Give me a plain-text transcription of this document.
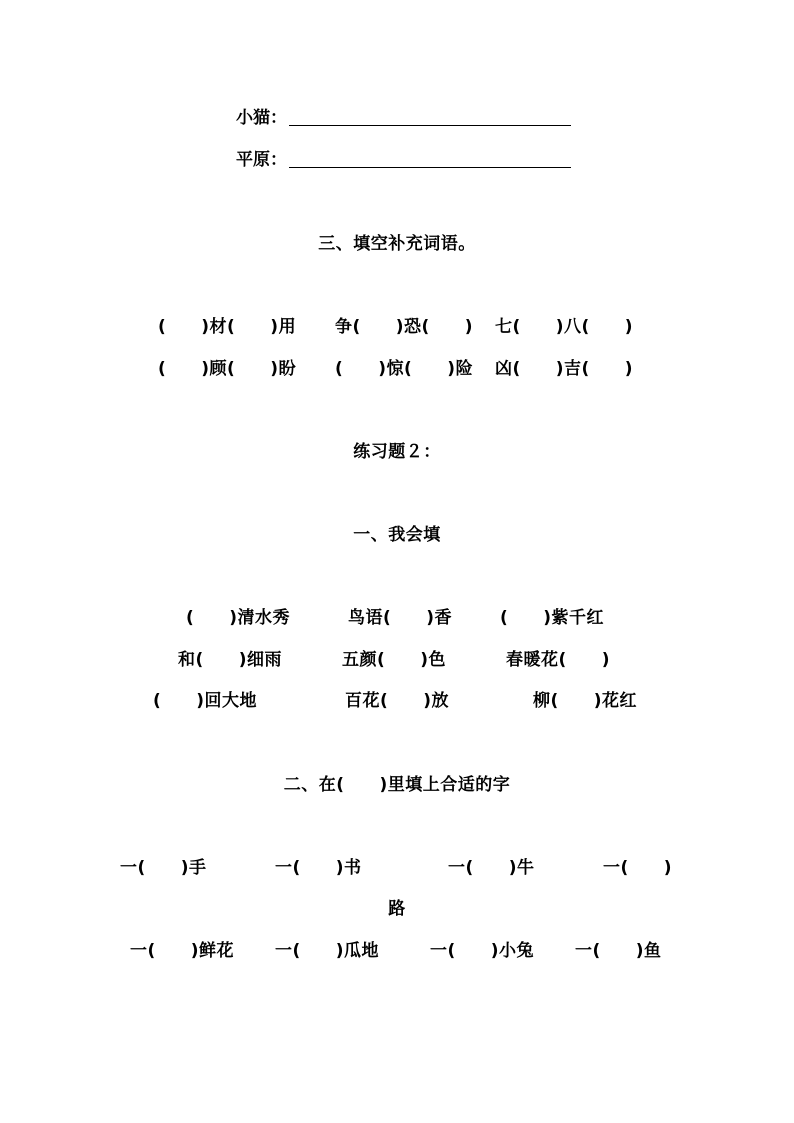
小猫：
平原：
三、填空补充词语。
(　　)材(　　)用 争(　　)恐(　　) 七(　　)八(　　)
(　　)顾(　　)盼 (　　)惊(　　)险 凶(　　)吉(　　)
练习题２：
一、我会填
(　　)清水秀	鸟语(　　)香	(　　)紫千红
和(　　)细雨	五颜(　　)色	春暖花(　　)
(　　)回大地	百花(　　)放	柳(　　)花红
二、在(　　)里填上合适的字
一(　　)手	一(　　)书	一(　　)牛	一(　　)
路
一(　　)鲜花 一(　　)瓜地	一(　　)小兔 一(　　)鱼
